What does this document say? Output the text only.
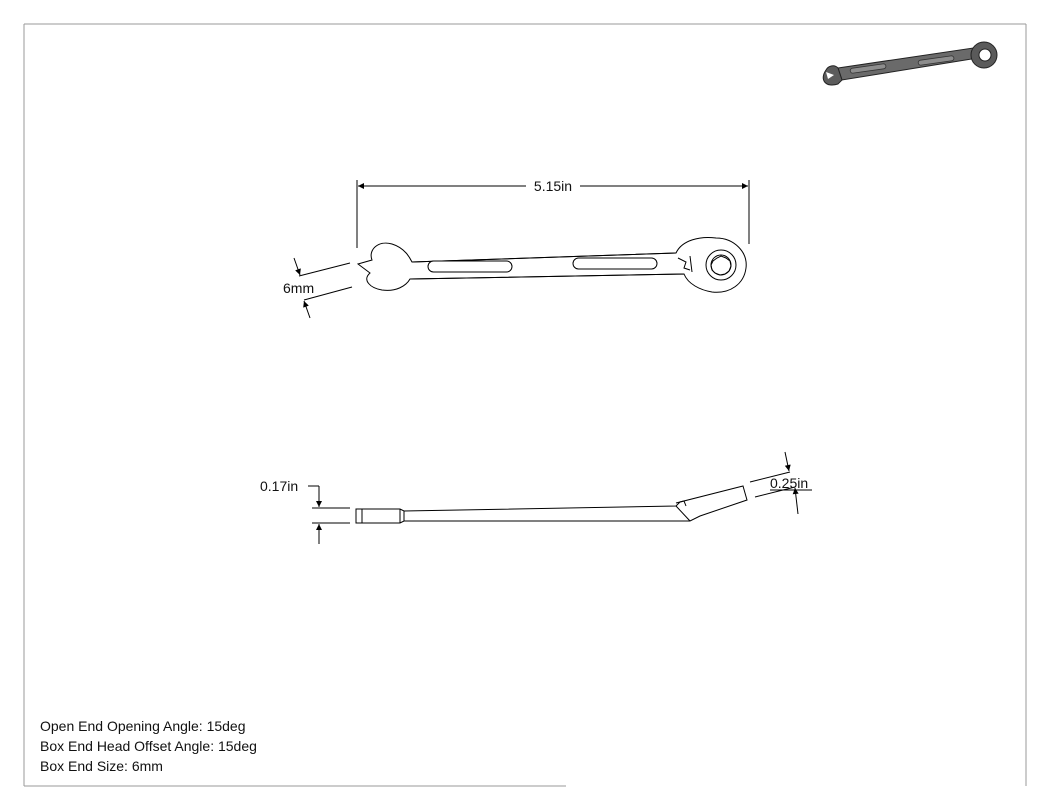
5.15in
6mm
0.17in	0.25in
Open End Opening Angle: 15deg
Box End Head Offset Angle: 15deg
Box End Size: 6mm
